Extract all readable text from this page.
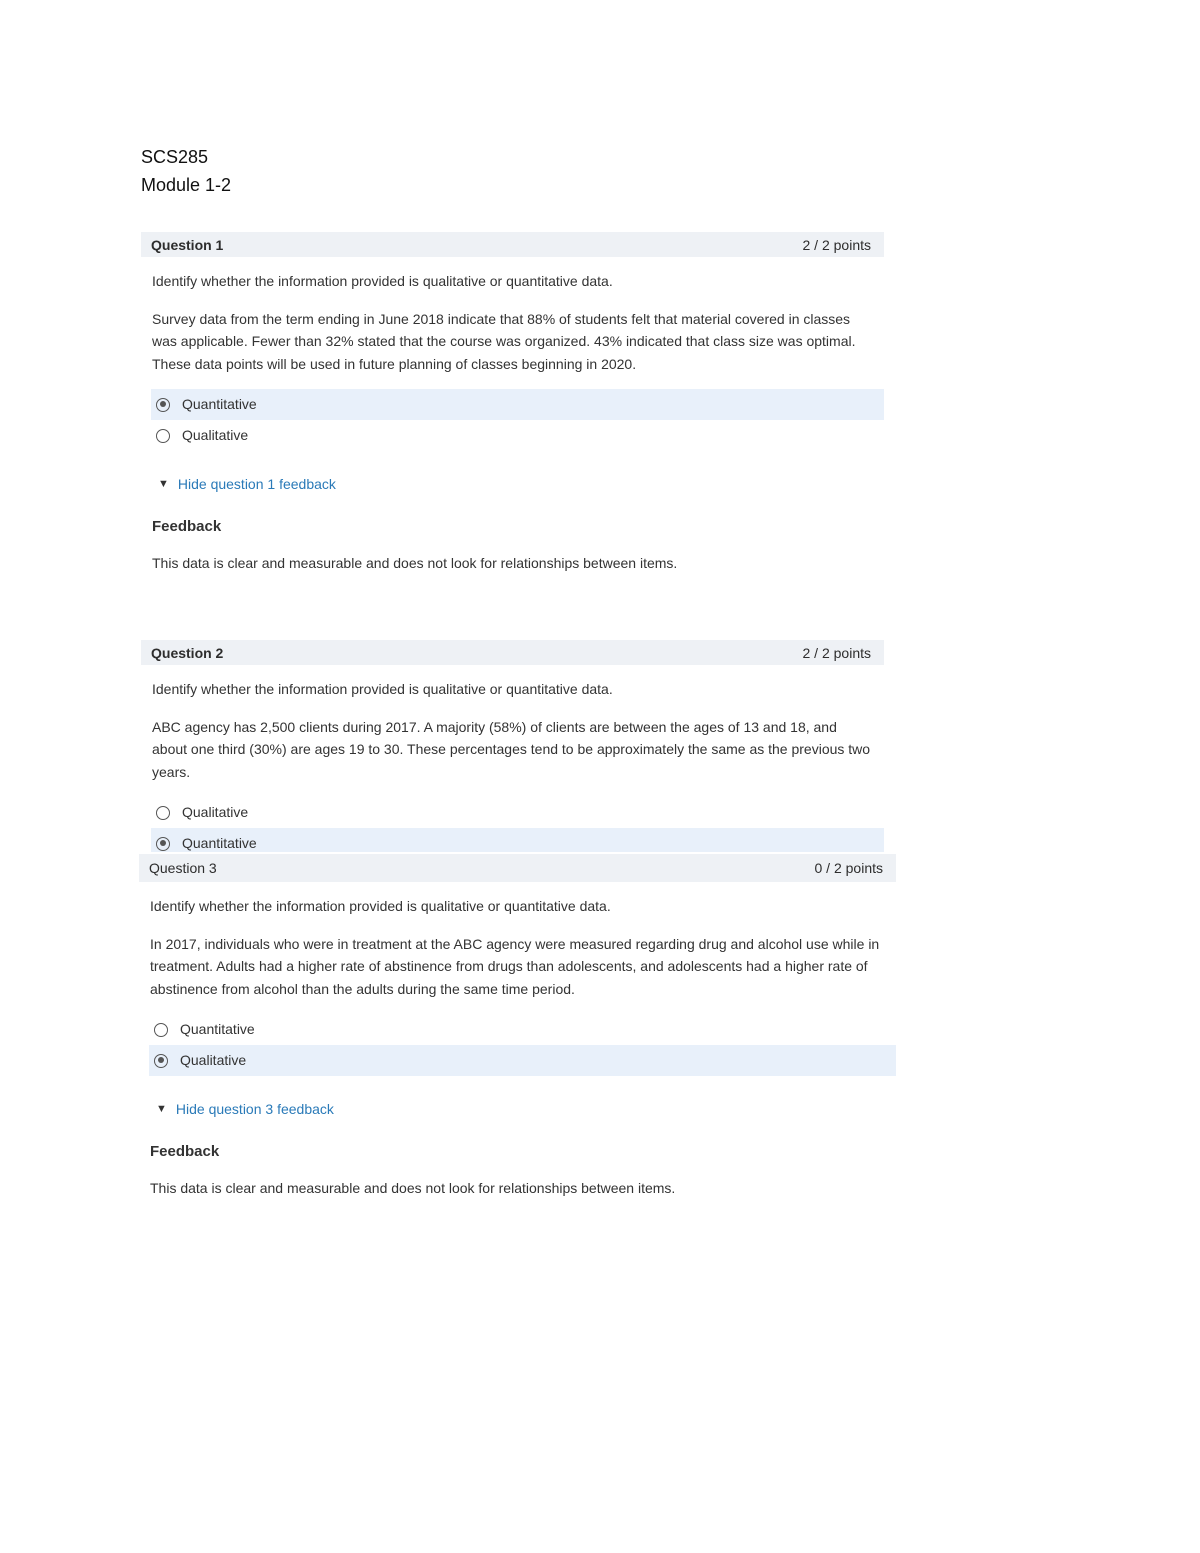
SCS285
Module 1-2
Question 1	2 / 2 points

Identify whether the information provided is qualitative or quantitative data.

Survey data from the term ending in June 2018 indicate that 88% of students felt that material covered in classes was applicable. Fewer than 32% stated that the course was organized. 43% indicated that class size was optimal. These data points will be used in future planning of classes beginning in 2020.

Quantitative
Qualitative
▼ Hide question 1 feedback
Feedback
This data is clear and measurable and does not look for relationships between items.
Question 2	2 / 2 points

Identify whether the information provided is qualitative or quantitative data.

ABC agency has 2,500 clients during 2017. A majority (58%) of clients are between the ages of 13 and 18, and about one third (30%) are ages 19 to 30. These percentages tend to be approximately the same as the previous two years.

Qualitative
Quantitative
Question 3	0 / 2 points

Identify whether the information provided is qualitative or quantitative data.

In 2017, individuals who were in treatment at the ABC agency were measured regarding drug and alcohol use while in treatment. Adults had a higher rate of abstinence from drugs than adolescents, and adolescents had a higher rate of abstinence from alcohol than the adults during the same time period.

Quantitative
Qualitative
▼ Hide question 3 feedback
Feedback
This data is clear and measurable and does not look for relationships between items.
